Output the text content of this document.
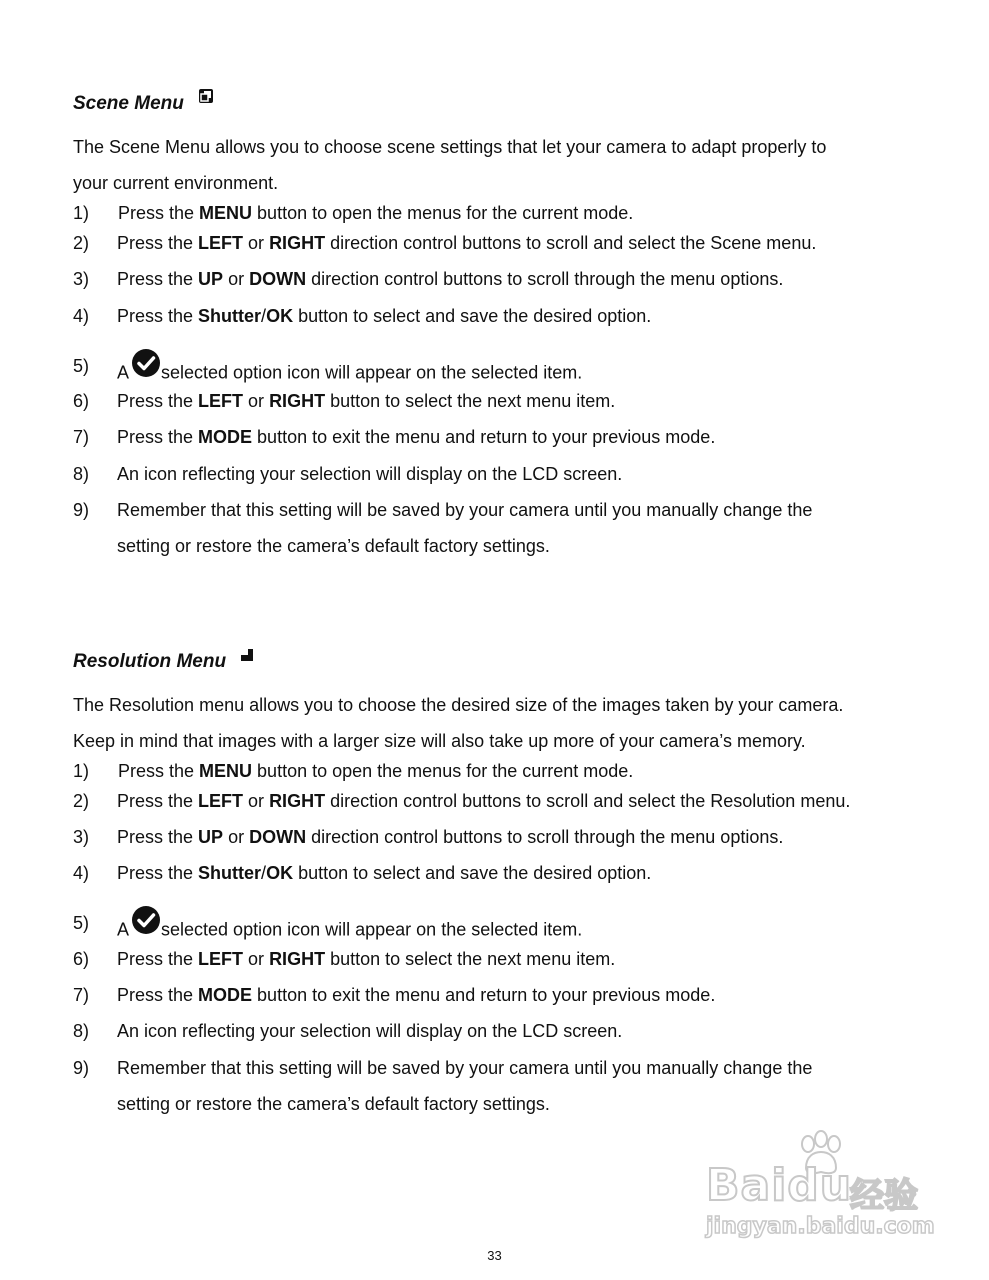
Scene Menu
The Scene Menu allows you to choose scene settings that let your camera to adapt properly to
your current environment.
1) Press the MENU button to open the menus for the current mode.
2) Press the LEFT or RIGHT direction control buttons to scroll and select the Scene menu.
3) Press the UP or DOWN direction control buttons to scroll through the menu options.
4) Press the Shutter/OK button to select and save the desired option.
5) A selected option icon will appear on the selected item.
6) Press the LEFT or RIGHT button to select the next menu item.
7) Press the MODE button to exit the menu and return to your previous mode.
8) An icon reflecting your selection will display on the LCD screen.
9) Remember that this setting will be saved by your camera until you manually change the
setting or restore the camera’s default factory settings.
Resolution Menu
The Resolution menu allows you to choose the desired size of the images taken by your camera.
Keep in mind that images with a larger size will also take up more of your camera’s memory.
1) Press the MENU button to open the menus for the current mode.
2) Press the LEFT or RIGHT direction control buttons to scroll and select the Resolution menu.
3) Press the UP or DOWN direction control buttons to scroll through the menu options.
4) Press the Shutter/OK button to select and save the desired option.
5) A selected option icon will appear on the selected item.
6) Press the LEFT or RIGHT button to select the next menu item.
7) Press the MODE button to exit the menu and return to your previous mode.
8) An icon reflecting your selection will display on the LCD screen.
9) Remember that this setting will be saved by your camera until you manually change the
setting or restore the camera’s default factory settings.
Baidu
经验
jingyan.baidu.com
33
